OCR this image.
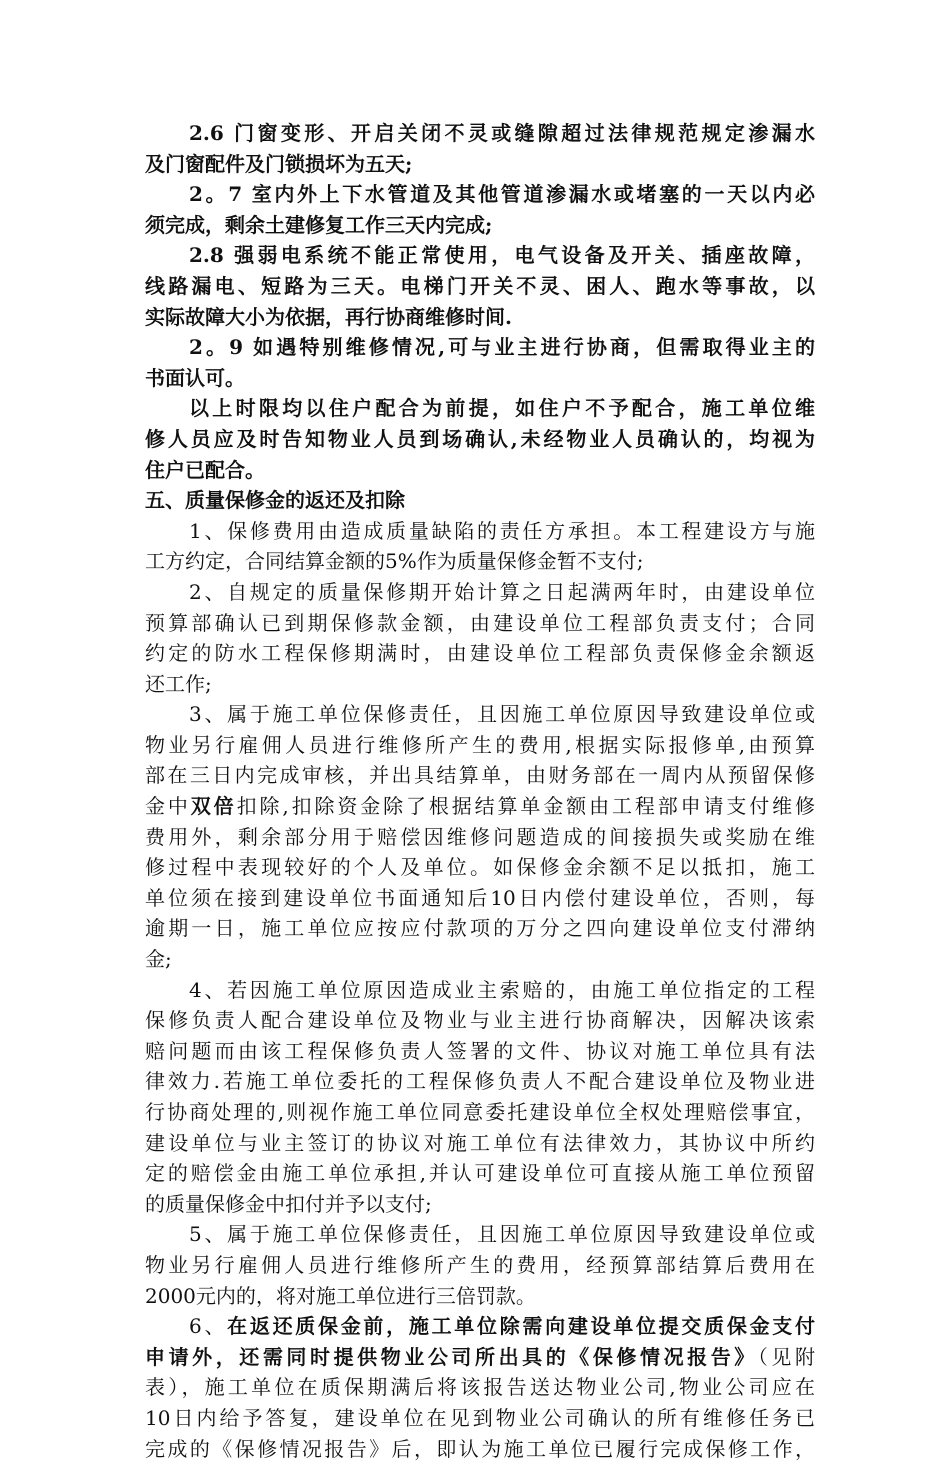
2.6 门窗变形、开启关闭不灵或缝隙超过法律规范规定渗漏水
及门窗配件及门锁损坏为五天;
2。7 室内外上下水管道及其他管道渗漏水或堵塞的一天以内必
须完成，剩余土建修复工作三天内完成;
2.8 强弱电系统不能正常使用，电气设备及开关、插座故障，
线路漏电、短路为三天。电梯门开关不灵、困人、跑水等事故，以
实际故障大小为依据，再行协商维修时间.
2。9 如遇特别维修情况,可与业主进行协商，但需取得业主的
书面认可。
以上时限均以住户配合为前提，如住户不予配合，施工单位维
修人员应及时告知物业人员到场确认,未经物业人员确认的，均视为
住户已配合。
五、质量保修金的返还及扣除
1、保修费用由造成质量缺陷的责任方承担。本工程建设方与施
工方约定，合同结算金额的5%作为质量保修金暂不支付;
2、自规定的质量保修期开始计算之日起满两年时，由建设单位
预算部确认已到期保修款金额，由建设单位工程部负责支付；合同
约定的防水工程保修期满时，由建设单位工程部负责保修金余额返
还工作;
3、属于施工单位保修责任，且因施工单位原因导致建设单位或
物业另行雇佣人员进行维修所产生的费用,根据实际报修单,由预算
部在三日内完成审核，并出具结算单，由财务部在一周内从预留保修
金中双倍扣除,扣除资金除了根据结算单金额由工程部申请支付维修
费用外，剩余部分用于赔偿因维修问题造成的间接损失或奖励在维
修过程中表现较好的个人及单位。如保修金余额不足以抵扣，施工
单位须在接到建设单位书面通知后10日内偿付建设单位，否则，每
逾期一日，施工单位应按应付款项的万分之四向建设单位支付滞纳
金;
4、若因施工单位原因造成业主索赔的，由施工单位指定的工程
保修负责人配合建设单位及物业与业主进行协商解决，因解决该索
赔问题而由该工程保修负责人签署的文件、协议对施工单位具有法
律效力.若施工单位委托的工程保修负责人不配合建设单位及物业进
行协商处理的,则视作施工单位同意委托建设单位全权处理赔偿事宜，
建设单位与业主签订的协议对施工单位有法律效力，其协议中所约
定的赔偿金由施工单位承担,并认可建设单位可直接从施工单位预留
的质量保修金中扣付并予以支付;
5、属于施工单位保修责任，且因施工单位原因导致建设单位或
物业另行雇佣人员进行维修所产生的费用，经预算部结算后费用在
2000元内的，将对施工单位进行三倍罚款。
6、在返还质保金前，施工单位除需向建设单位提交质保金支付
申请外，还需同时提供物业公司所出具的《保修情况报告》（见附
表），施工单位在质保期满后将该报告送达物业公司,物业公司应在
10日内给予答复，建设单位在见到物业公司确认的所有维修任务已
完成的《保修情况报告》后，即认为施工单位已履行完成保修工作，
